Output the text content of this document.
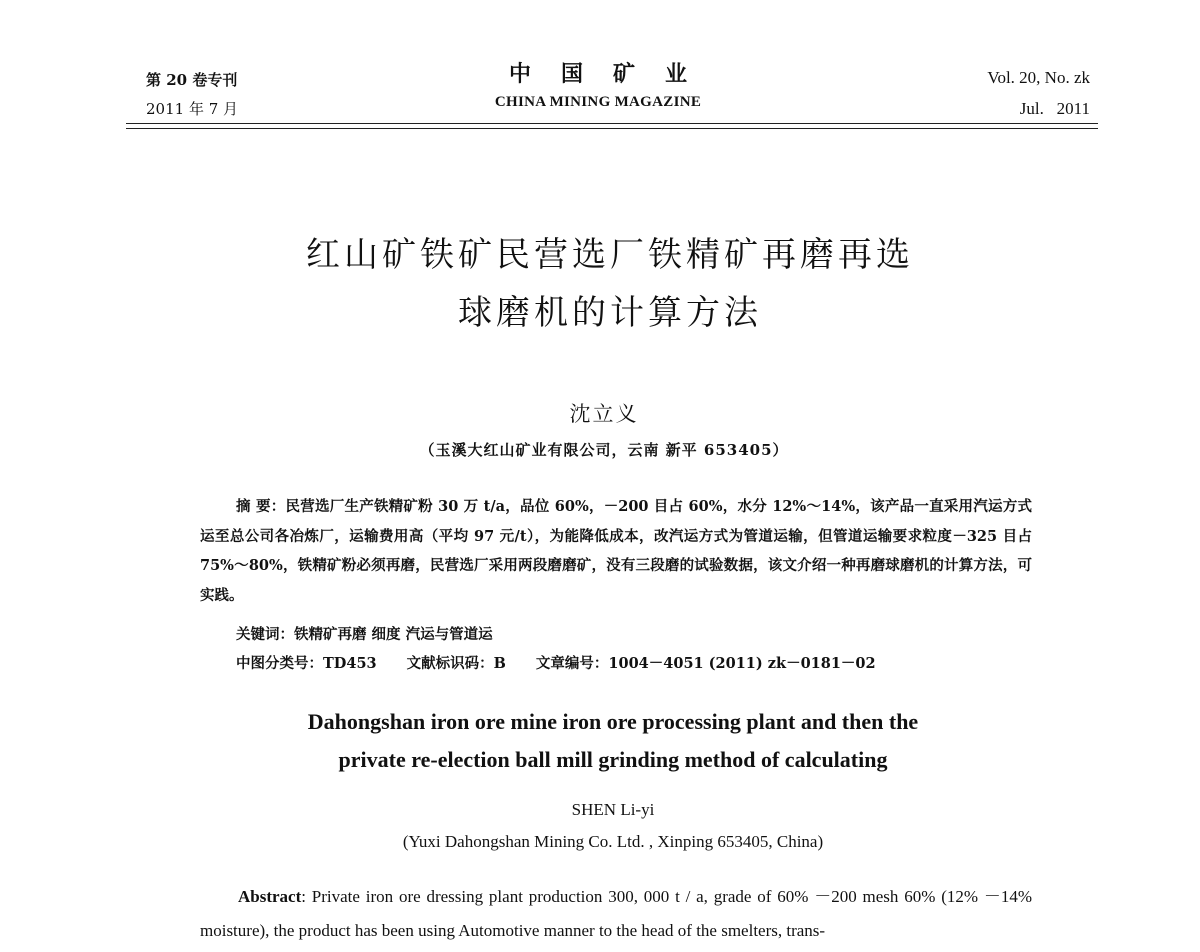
第 20 卷专刊
2011 年 7 月
中国矿业
CHINA MINING MAGAZINE
Vol. 20, No. zk
Jul.   2011
红山矿铁矿民营选厂铁精矿再磨再选
球磨机的计算方法
沈立义
（玉溪大红山矿业有限公司，云南 新平 653405）
摘 要：民营选厂生产铁精矿粉 30 万 t/a，品位 60%，－200 目占 60%，水分 12%～14%，该产品一直采用汽运方式运至总公司各冶炼厂，运输费用高（平均 97 元/t），为能降低成本，改汽运方式为管道运输，但管道运输要求粒度－325 目占 75%～80%，铁精矿粉必须再磨，民营选厂采用两段磨磨矿，没有三段磨的试验数据，该文介绍一种再磨球磨机的计算方法，可实践。
关键词：铁精矿再磨 细度 汽运与管道运
中图分类号：TD453 文献标识码：B 文章编号：1004－4051 (2011) zk－0181－02
Dahongshan iron ore mine iron ore processing plant and then the
private re-election ball mill grinding method of calculating
SHEN Li-yi
(Yuxi Dahongshan Mining Co. Ltd. , Xinping 653405, China)
Abstract: Private iron ore dressing plant production 300, 000 t / a, grade of 60% －200 mesh 60% (12% －14% moisture), the product has been using Automotive manner to the head of the smelters, trans-
